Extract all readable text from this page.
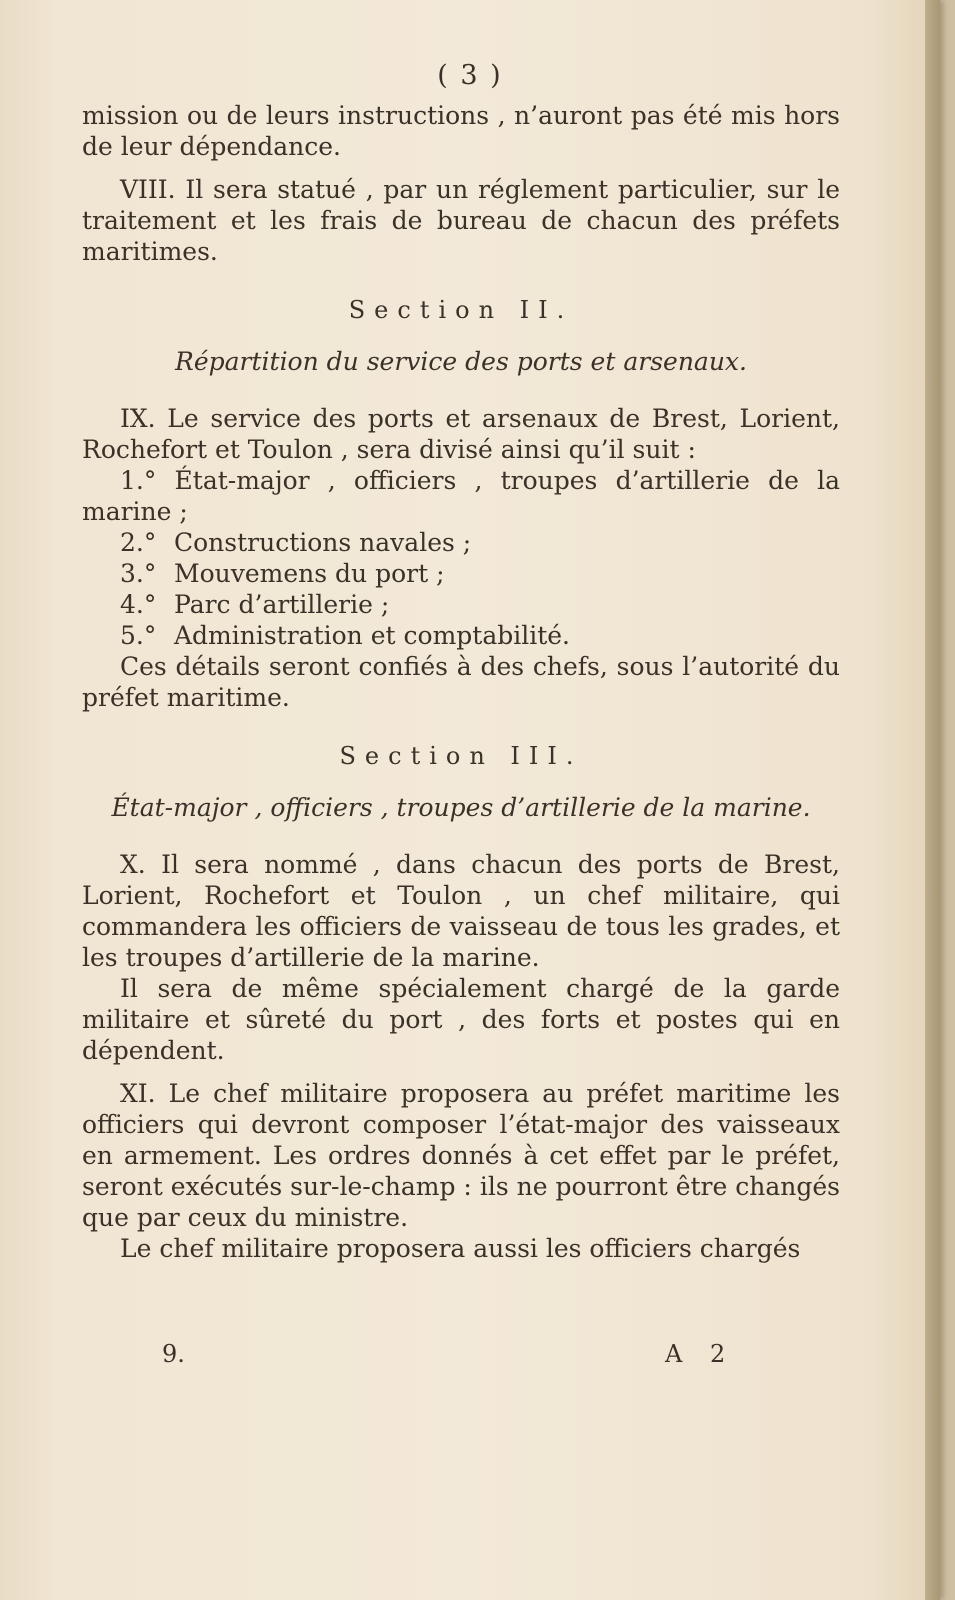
( 3 )

mission ou de leurs instructions , n’auront pas été mis hors de leur dépendance.

VIII. Il sera statué , par un réglement particulier, sur le traitement et les frais de bureau de chacun des préfets maritimes.

Section II.
Répartition du service des ports et arsenaux.

IX. Le service des ports et arsenaux de Brest, Lorient, Rochefort et Toulon , sera divisé ainsi qu’il suit :

1.° État-major , officiers , troupes d’artillerie de la marine ;

2.° Constructions navales ;
3.° Mouvemens du port ;
4.° Parc d’artillerie ;
5.° Administration et comptabilité.

Ces détails seront confiés à des chefs, sous l’autorité du préfet maritime.

Section III.
État-major , officiers , troupes d’artillerie de la marine.

X. Il sera nommé , dans chacun des ports de Brest, Lorient, Rochefort et Toulon , un chef militaire, qui commandera les officiers de vaisseau de tous les grades, et les troupes d’artillerie de la marine.

Il sera de même spécialement chargé de la garde militaire et sûreté du port , des forts et postes qui en dépendent.

XI. Le chef militaire proposera au préfet maritime les officiers qui devront composer l’état-major des vaisseaux en armement. Les ordres donnés à cet effet par le préfet, seront exécutés sur-le-champ : ils ne pourront être changés que par ceux du ministre.

Le chef militaire proposera aussi les officiers chargés

9.	A 2
